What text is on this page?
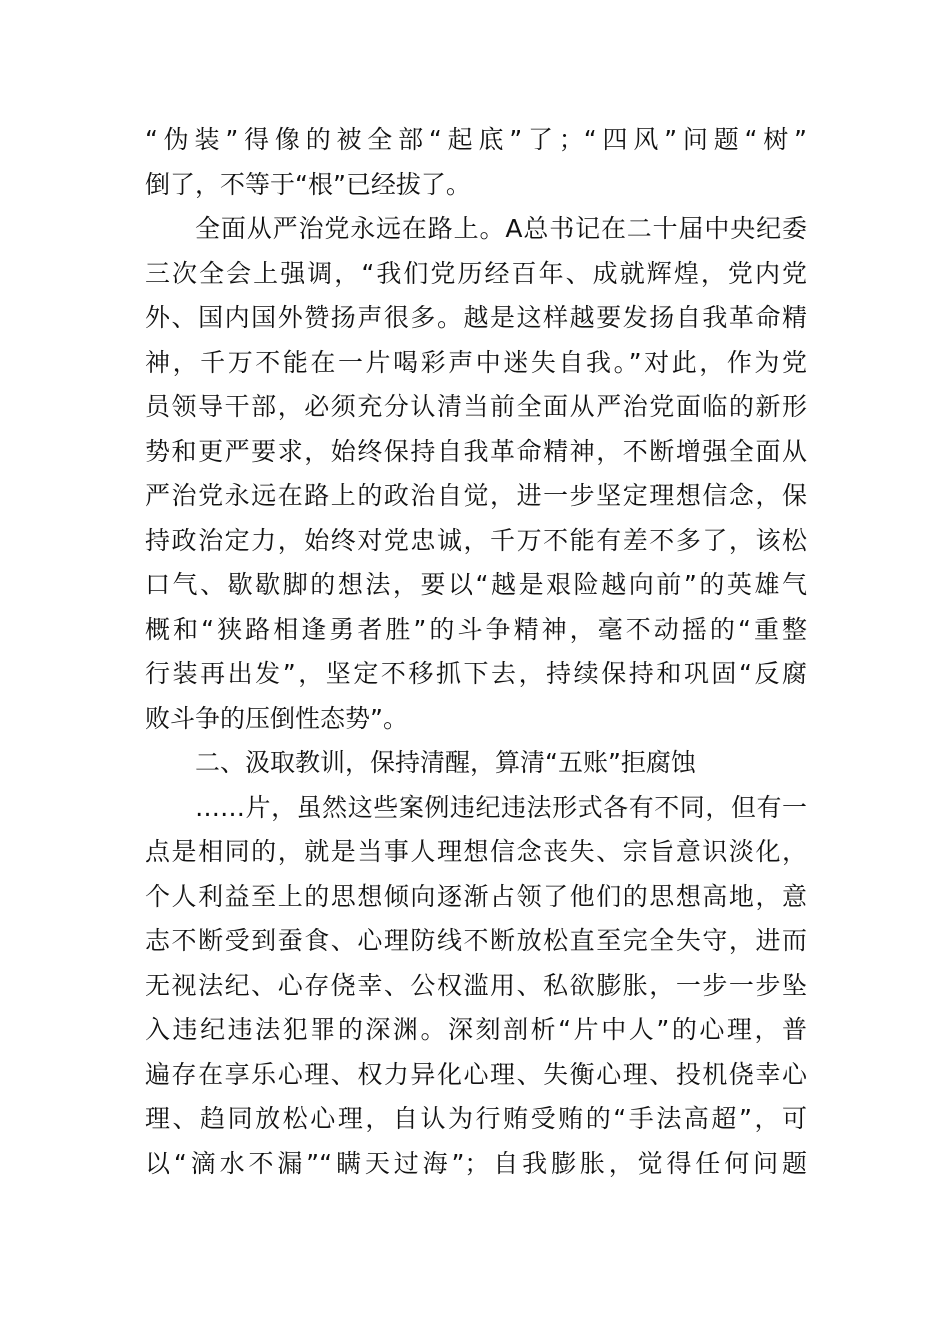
“伪装”得像的被全部“起底”了；“四风”问题“树”

倒了，不等于“根”已经拔了。

全面从严治党永远在路上。A总书记在二十届中央纪委

三次全会上强调，“我们党历经百年、成就辉煌，党内党

外、国内国外赞扬声很多。越是这样越要发扬自我革命精

神，千万不能在一片喝彩声中迷失自我。”对此，作为党

员领导干部，必须充分认清当前全面从严治党面临的新形

势和更严要求，始终保持自我革命精神，不断增强全面从

严治党永远在路上的政治自觉，进一步坚定理想信念，保

持政治定力，始终对党忠诚，千万不能有差不多了，该松

口气、歇歇脚的想法，要以“越是艰险越向前”的英雄气

概和“狭路相逢勇者胜”的斗争精神，毫不动摇的“重整

行装再出发”，坚定不移抓下去，持续保持和巩固“反腐

败斗争的压倒性态势”。

二、汲取教训，保持清醒，算清“五账”拒腐蚀

……片，虽然这些案例违纪违法形式各有不同，但有一

点是相同的，就是当事人理想信念丧失、宗旨意识淡化，

个人利益至上的思想倾向逐渐占领了他们的思想高地，意

志不断受到蚕食、心理防线不断放松直至完全失守，进而

无视法纪、心存侥幸、公权滥用、私欲膨胀，一步一步坠

入违纪违法犯罪的深渊。深刻剖析“片中人”的心理，普

遍存在享乐心理、权力异化心理、失衡心理、投机侥幸心

理、趋同放松心理，自认为行贿受贿的“手法高超”，可

以“滴水不漏”“瞒天过海”；自我膨胀，觉得任何问题
